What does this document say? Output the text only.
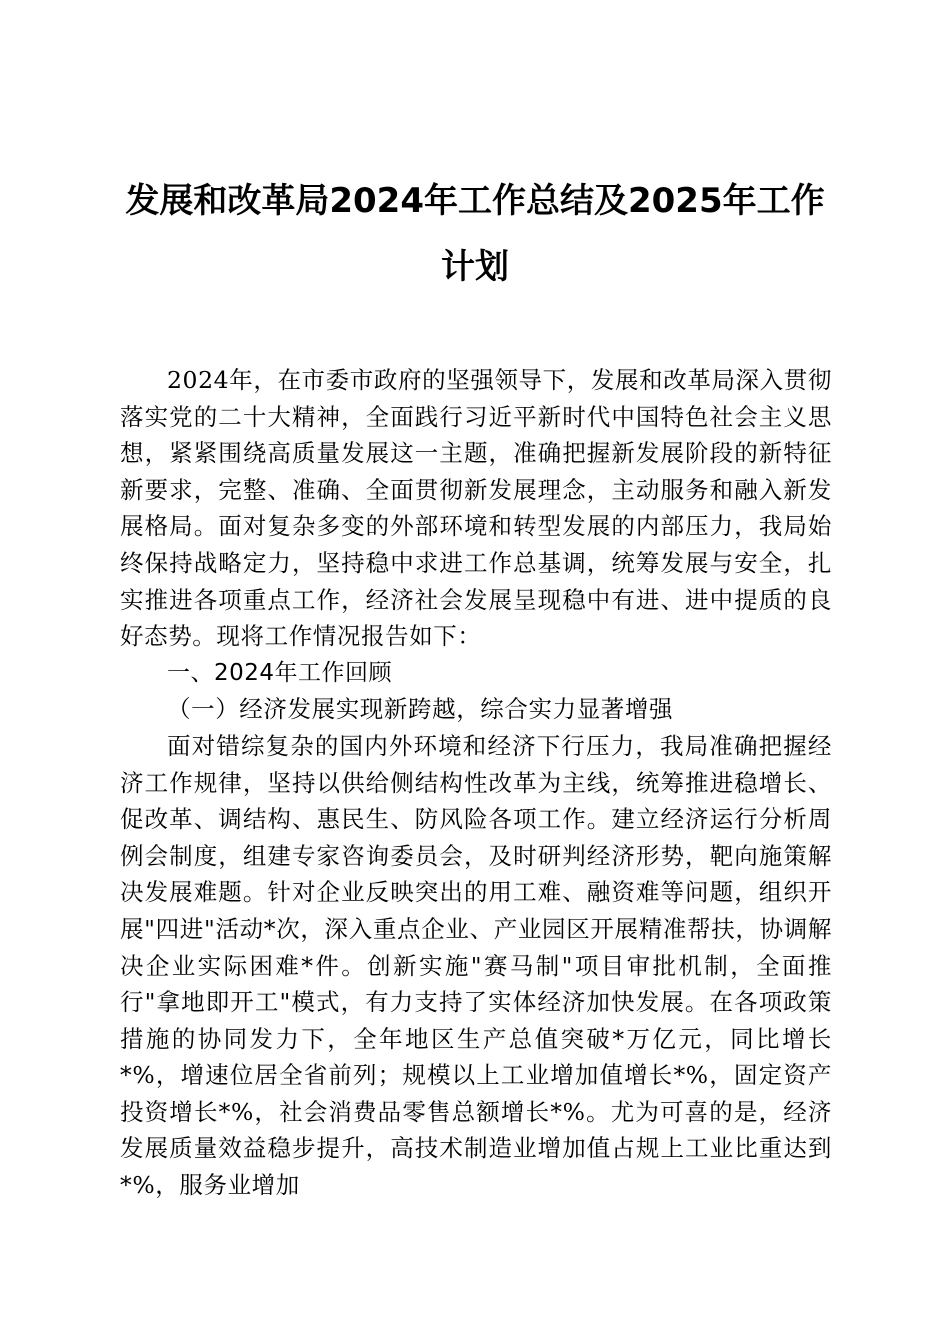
发展和改革局2024年工作总结及2025年工作
计划

2024年，在市委市政府的坚强领导下，发展和改革局深入贯彻落实党的二十大精神，全面践行习近平新时代中国特色社会主义思想，紧紧围绕高质量发展这一主题，准确把握新发展阶段的新特征新要求，完整、准确、全面贯彻新发展理念，主动服务和融入新发展格局。面对复杂多变的外部环境和转型发展的内部压力，我局始终保持战略定力，坚持稳中求进工作总基调，统筹发展与安全，扎实推进各项重点工作，经济社会发展呈现稳中有进、进中提质的良好态势。现将工作情况报告如下：

一、2024年工作回顾

（一）经济发展实现新跨越，综合实力显著增强

面对错综复杂的国内外环境和经济下行压力，我局准确把握经济工作规律，坚持以供给侧结构性改革为主线，统筹推进稳增长、促改革、调结构、惠民生、防风险各项工作。建立经济运行分析周例会制度，组建专家咨询委员会，及时研判经济形势，靶向施策解决发展难题。针对企业反映突出的用工难、融资难等问题，组织开展"四进"活动*次，深入重点企业、产业园区开展精准帮扶，协调解决企业实际困难*件。创新实施"赛马制"项目审批机制，全面推行"拿地即开工"模式，有力支持了实体经济加快发展。在各项政策措施的协同发力下，全年地区生产总值突破*万亿元，同比增长*%，增速位居全省前列；规模以上工业增加值增长*%，固定资产投资增长*%，社会消费品零售总额增长*%。尤为可喜的是，经济发展质量效益稳步提升，高技术制造业增加值占规上工业比重达到*%，服务业增加
